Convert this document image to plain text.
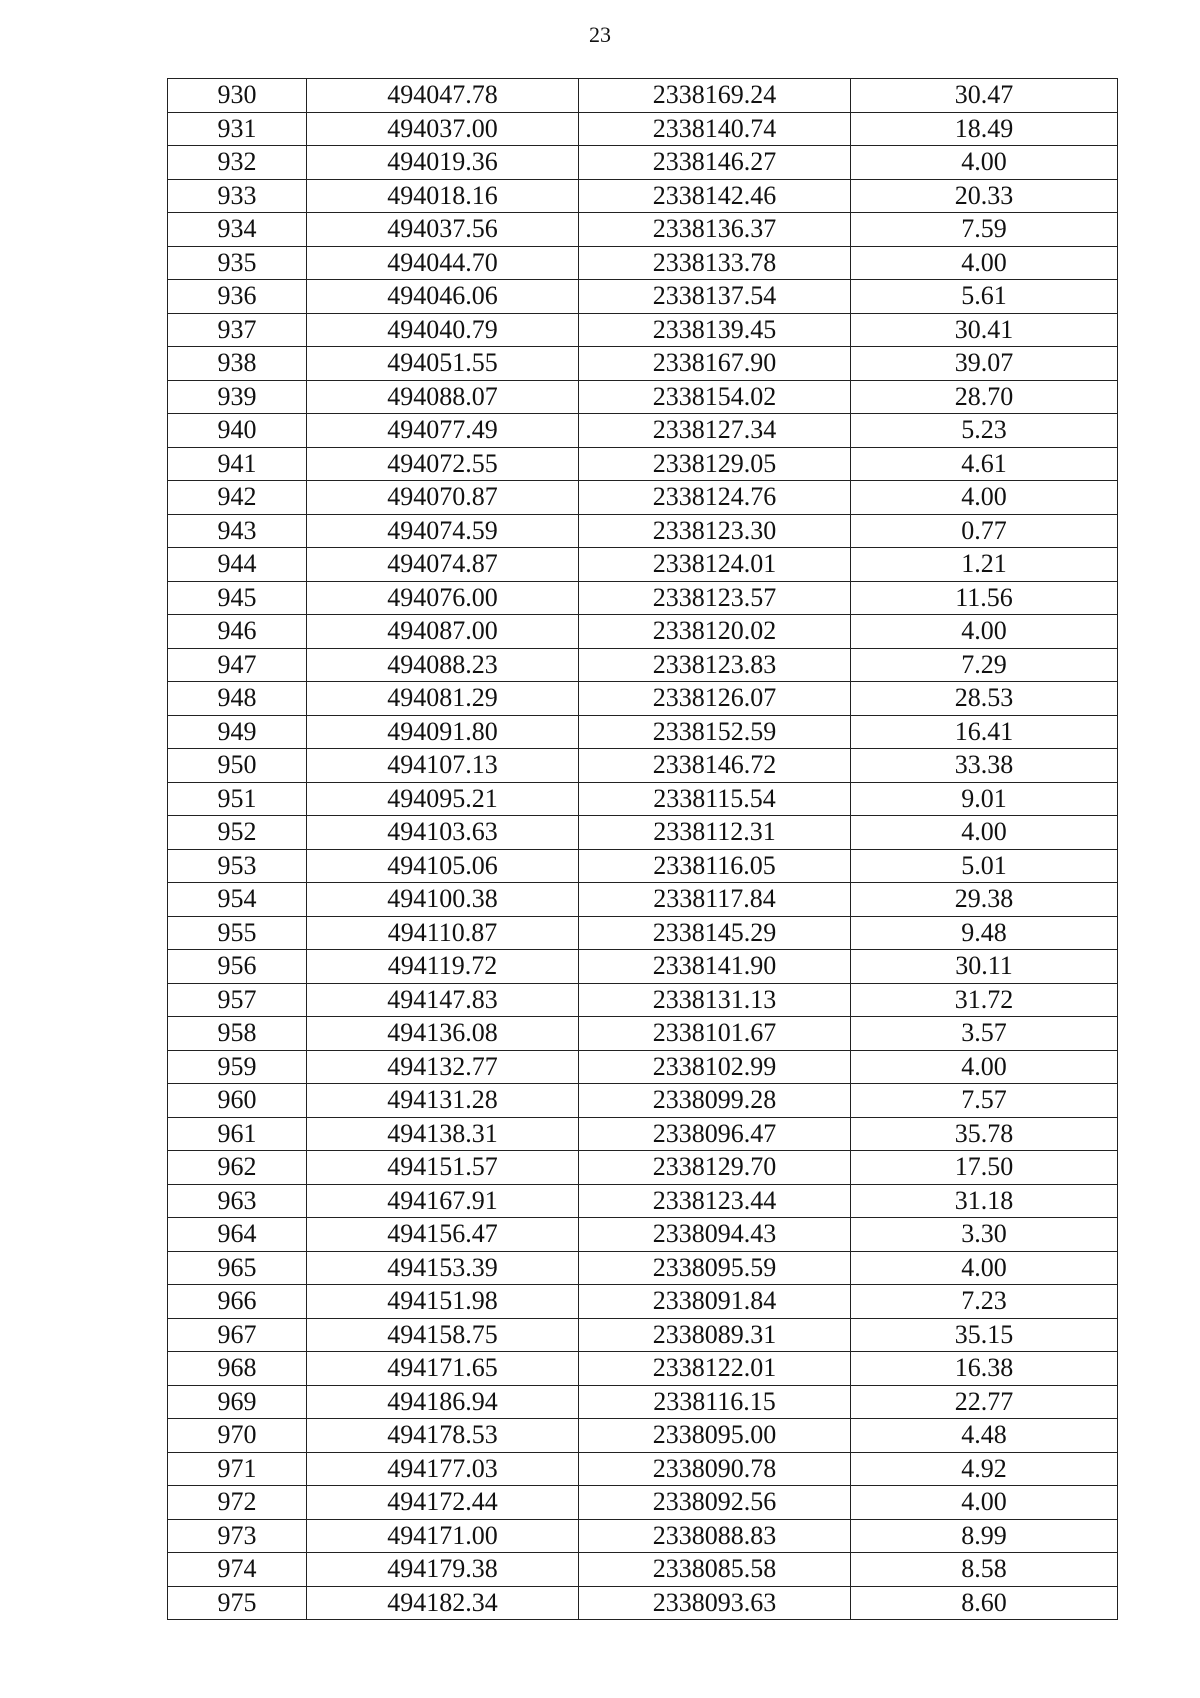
23
930	494047.78	2338169.24	30.47
931	494037.00	2338140.74	18.49
932	494019.36	2338146.27	4.00
933	494018.16	2338142.46	20.33
934	494037.56	2338136.37	7.59
935	494044.70	2338133.78	4.00
936	494046.06	2338137.54	5.61
937	494040.79	2338139.45	30.41
938	494051.55	2338167.90	39.07
939	494088.07	2338154.02	28.70
940	494077.49	2338127.34	5.23
941	494072.55	2338129.05	4.61
942	494070.87	2338124.76	4.00
943	494074.59	2338123.30	0.77
944	494074.87	2338124.01	1.21
945	494076.00	2338123.57	11.56
946	494087.00	2338120.02	4.00
947	494088.23	2338123.83	7.29
948	494081.29	2338126.07	28.53
949	494091.80	2338152.59	16.41
950	494107.13	2338146.72	33.38
951	494095.21	2338115.54	9.01
952	494103.63	2338112.31	4.00
953	494105.06	2338116.05	5.01
954	494100.38	2338117.84	29.38
955	494110.87	2338145.29	9.48
956	494119.72	2338141.90	30.11
957	494147.83	2338131.13	31.72
958	494136.08	2338101.67	3.57
959	494132.77	2338102.99	4.00
960	494131.28	2338099.28	7.57
961	494138.31	2338096.47	35.78
962	494151.57	2338129.70	17.50
963	494167.91	2338123.44	31.18
964	494156.47	2338094.43	3.30
965	494153.39	2338095.59	4.00
966	494151.98	2338091.84	7.23
967	494158.75	2338089.31	35.15
968	494171.65	2338122.01	16.38
969	494186.94	2338116.15	22.77
970	494178.53	2338095.00	4.48
971	494177.03	2338090.78	4.92
972	494172.44	2338092.56	4.00
973	494171.00	2338088.83	8.99
974	494179.38	2338085.58	8.58
975	494182.34	2338093.63	8.60
